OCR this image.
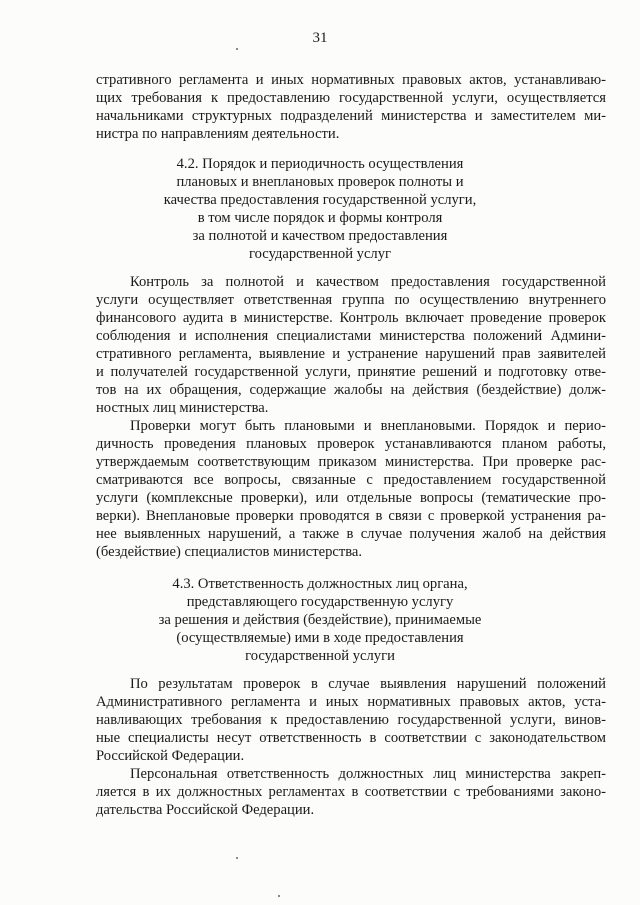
31
стративного регламента и иных нормативных правовых актов, устанавливаю-
щих требования к предоставлению государственной услуги, осуществляется
начальниками структурных подразделений министерства и заместителем ми-
нистра по направлениям деятельности.
4.2. Порядок и периодичность осуществления
плановых и внеплановых проверок полноты и
качества предоставления государственной услуги,
в том числе порядок и формы контроля
за полнотой и качеством предоставления
государственной услуг
Контроль за полнотой и качеством предоставления государственной
услуги осуществляет ответственная группа по осуществлению внутреннего
финансового аудита в министерстве. Контроль включает проведение проверок
соблюдения и исполнения специалистами министерства положений Админи-
стративного регламента, выявление и устранение нарушений прав заявителей
и получателей государственной услуги, принятие решений и подготовку отве-
тов на их обращения, содержащие жалобы на действия (бездействие) долж-
ностных лиц министерства.
Проверки могут быть плановыми и внеплановыми. Порядок и перио-
дичность проведения плановых проверок устанавливаются планом работы,
утверждаемым соответствующим приказом министерства. При проверке рас-
сматриваются все вопросы, связанные с предоставлением государственной
услуги (комплексные проверки), или отдельные вопросы (тематические про-
верки). Внеплановые проверки проводятся в связи с проверкой устранения ра-
нее выявленных нарушений, а также в случае получения жалоб на действия
(бездействие) специалистов министерства.
4.3. Ответственность должностных лиц органа,
представляющего государственную услугу
за решения и действия (бездействие), принимаемые
(осуществляемые) ими в ходе предоставления
государственной услуги
По результатам проверок в случае выявления нарушений положений
Административного регламента и иных нормативных правовых актов, уста-
навливающих требования к предоставлению государственной услуги, винов-
ные специалисты несут ответственность в соответствии с законодательством
Российской Федерации.
Персональная ответственность должностных лиц министерства закреп-
ляется в их должностных регламентах в соответствии с требованиями законо-
дательства Российской Федерации.
